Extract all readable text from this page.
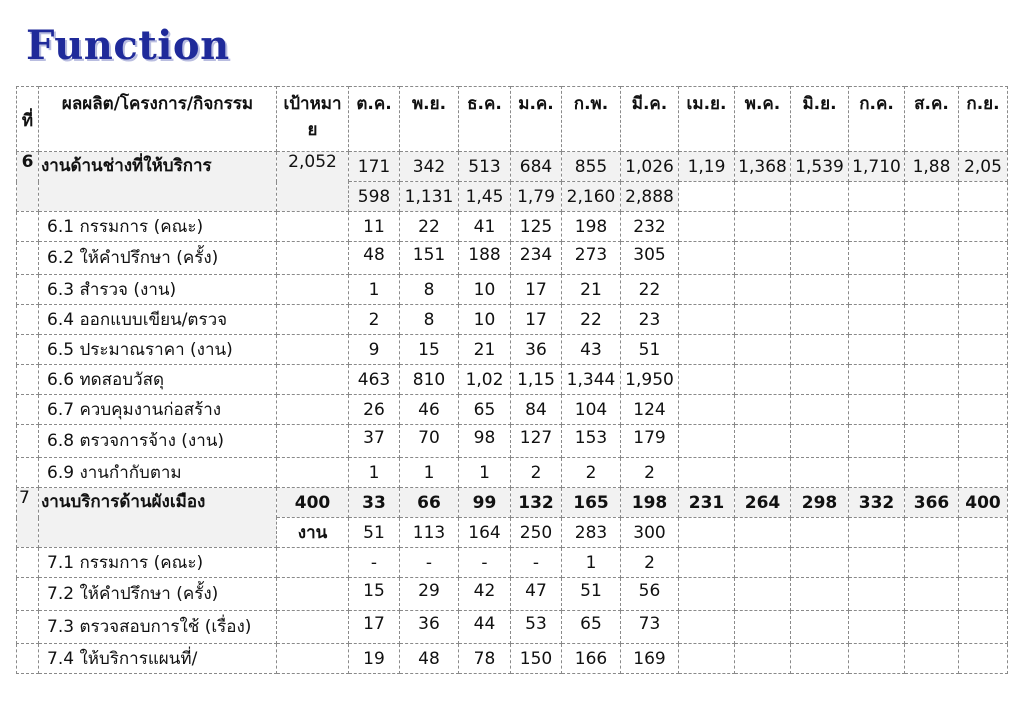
Function
ที่	ผลผลิต/โครงการ/กิจกรรม	เป้าหมาย	ต.ค.	พ.ย.	ธ.ค.	ม.ค.	ก.พ.	มี.ค.	เม.ย.	พ.ค.	มิ.ย.	ก.ค.	ส.ค.	ก.ย.
6	งานด้านช่างที่ให้บริการ	2,052	171	342	513	684	855	1,026	1,19	1,368	1,539	1,710	1,88	2,05
			598	1,131	1,45	1,79	2,160	2,888						
	6.1 กรรมการ (คณะ)		11	22	41	125	198	232						
	6.2 ให้คำปรึกษา (ครั้ง)		48	151	188	234	273	305						
	6.3 สำรวจ (งาน)		1	8	10	17	21	22						
	6.4 ออกแบบเขียน/ตรวจ		2	8	10	17	22	23						
	6.5 ประมาณราคา (งาน)		9	15	21	36	43	51						
	6.6 ทดสอบวัสดุ		463	810	1,02	1,15	1,344	1,950						
	6.7 ควบคุมงานก่อสร้าง		26	46	65	84	104	124						
	6.8 ตรวจการจ้าง (งาน)		37	70	98	127	153	179						
	6.9 งานกำกับตาม		1	1	1	2	2	2						
7	งานบริการด้านผังเมือง	400	33	66	99	132	165	198	231	264	298	332	366	400
		งาน	51	113	164	250	283	300						
	7.1 กรรมการ (คณะ)		-	-	-	-	1	2						
	7.2 ให้คำปรึกษา (ครั้ง)		15	29	42	47	51	56						
	7.3 ตรวจสอบการใช้ (เรื่อง)		17	36	44	53	65	73						
	7.4 ให้บริการแผนที่/		19	48	78	150	166	169						
